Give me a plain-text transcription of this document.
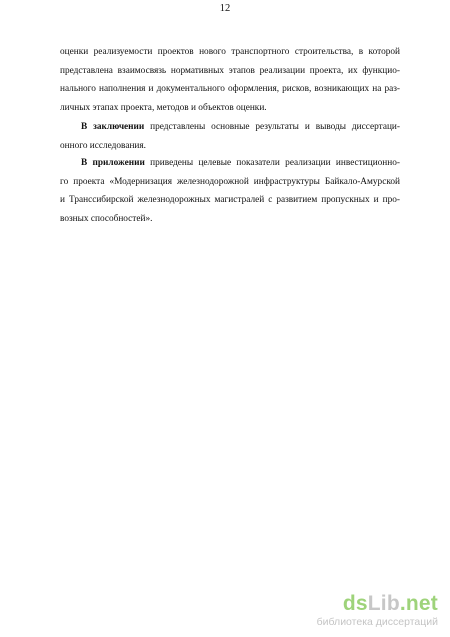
12
оценки реализуемости проектов нового транспортного строительства, в которой
представлена взаимосвязь нормативных этапов реализации проекта, их функцио-
нального наполнения и документального оформления, рисков, возникающих на раз-
личных этапах проекта, методов и объектов оценки.
В заключении представлены основные результаты и выводы диссертаци-
онного исследования.
В приложении приведены целевые показатели реализации инвестиционно-
го проекта «Модернизация железнодорожной инфраструктуры Байкало-Амурской
и Транссибирской железнодорожных магистралей с развитием пропускных и про-
возных способностей».
dsLib.net
библиотека диссертаций
